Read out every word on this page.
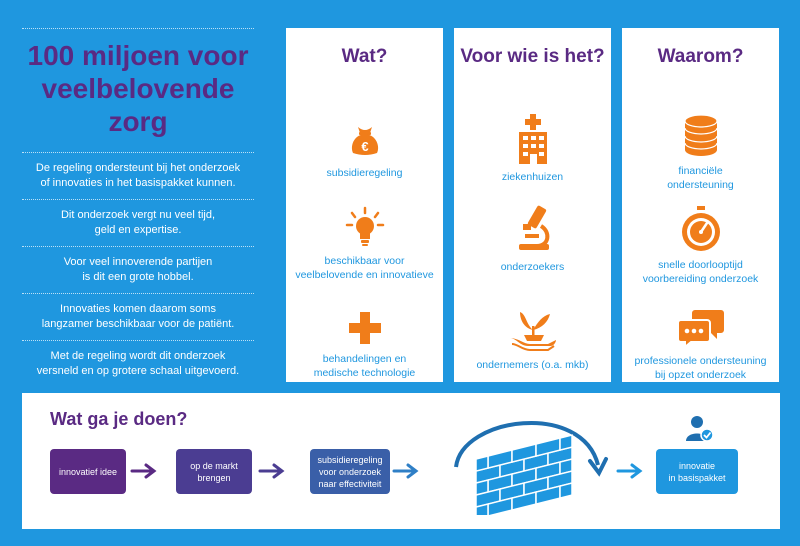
100 miljoen voor
veelbelovende zorg
De regeling ondersteunt bij het onderzoek
of innovaties in het basispakket kunnen.
Dit onderzoek vergt nu veel tijd,
geld en expertise.
Voor veel innoverende partijen
is dit een grote hobbel.
Innovaties komen daarom soms
langzamer beschikbaar voor de patiënt.
Met de regeling wordt dit onderzoek
versneld en op grotere schaal uitgevoerd.
Wat?
€
subsidieregeling
beschikbaar voor
veelbelovende en innovatieve
behandelingen en
medische technologie
Voor wie is het?
ziekenhuizen
onderzoekers
ondernemers (o.a. mkb)
Waarom?
financiële
ondersteuning
snelle doorlooptijd
voorbereiding onderzoek
professionele ondersteuning
bij opzet onderzoek
Wat ga je doen?
innovatief idee
op de markt
brengen
subsidieregeling
voor onderzoek
naar effectiviteit
innovatie
in basispakket
